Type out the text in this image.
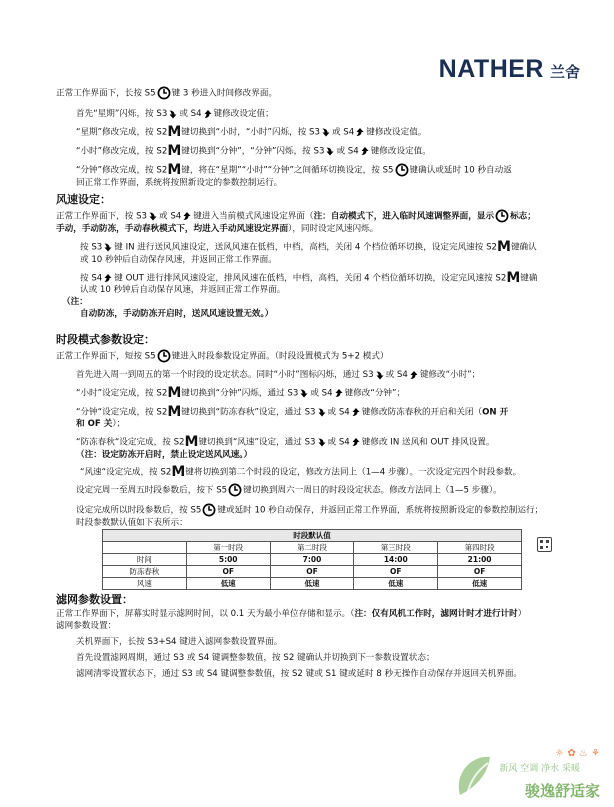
NATHER 兰舍

正常工作界面下，长按 S5 键 3 秒进入时间修改界面。

首先“星期”闪烁，按 S3 或 S4 键修改设定值；

“星期”修改完成，按 S2M键切换到“小时，“小时”闪烁，按 S3 或 S4 键修改设定值。

“小时”修改完成，按 S2M键切换到“分钟”，“分钟”闪烁，按 S3 或 S4 键修改设定值。

“分钟”修改完成，按 S2M键，将在“星期”“小时”“分钟”之间循环切换设定，按 S5 键确认或延时 10 秒自动返

回正常工作界面，系统将按照新设定的参数控制运行。

风速设定：

正常工作界面下，按 S3 或 S4 键进入当前模式风速设定界面（注：自动模式下，进入临时风速调整界面，显示 标志；

手动，手动防冻，手动春秋模式下，均进入手动风速设定界面），同时设定风速闪烁。

按 S3 键 IN 进行送风风速设定，送风风速在低档，中档，高档，关闭 4 个档位循环切换，设定完风速按 S2M键确认

或 10 秒钟后自动保存风速，并返回正常工作界面。

按 S4 键 OUT 进行排风风速设定，排风风速在低档，中档，高档，关闭 4 个档位循环切换，设定完风速按 S2M键确

认或 10 秒钟后自动保存风速，并返回正常工作界面。

（注：

自动防冻，手动防冻开启时，送风风速设置无效。）

时段模式参数设定：

正常工作界面下，短按 S5 键进入时段参数设定界面。（时段设置模式为 5+2 模式）

首先进入周一到周五的第一个时段的设定状态。同时“小时”图标闪烁，通过 S3 或 S4 键修改“小时”；

“小时”设定完成，按 S2M键切换到“分钟”闪烁，通过 S3 或 S4 键修改“分钟”；

“分钟“设定完成，按 S2M键切换到“防冻春秋”设定，通过 S3 或 S4 键修改防冻春秋的开启和关闭（ON 开

和 OF 关）；

“防冻春秋“设定完成，按 S2M键切换到“风速”设定，通过 S3 或 S4 键修改 IN 送风和 OUT 排风设置。

（注：设定防冻开启时，禁止设定送风风速。）

“风速“设定完成，按 S2M键将切换到第二个时段的设定，修改方法同上（1—4 步骤）。一次设定完四个时段参数。

设定完周一至周五时段参数后，按下 S5 键切换到周六一周日的时段设定状态。修改方法同上（1—5 步骤）。

设定完成所以时段参数后，按 S5 键或延时 10 秒自动保存，并返回正常工作界面，系统将按照新设定的参数控制运行；

时段参数默认值如下表所示：

时段默认值				
	第一时段	第二时段	第三时段	第四时段
时间	5:00	7:00	14:00	21:00
防冻春秋	OF	OF	OF	OF
风速	低速	低速	低速	低速

滤网参数设置：

正常工作界面下，屏幕实时显示滤网时间，以 0.1 天为最小单位存储和显示。（注：仅有风机工作时，滤网计时才进行计时）

滤网参数设置：

关机界面下，长按 S3+S4 键进入滤网参数设置界面。

首先设置滤网周期，通过 S3 或 S4 键调整参数值，按 S2 键确认并切换到下一参数设置状态；

滤网清零设置状态下，通过 S3 或 S4 键调整参数值，按 S2 键或 S1 键或延时 8 秒无操作自动保存并返回关机界面。

☼ ✿ ♨ ⚘
新风 空调 净水 采暖
骏逸舒适家
